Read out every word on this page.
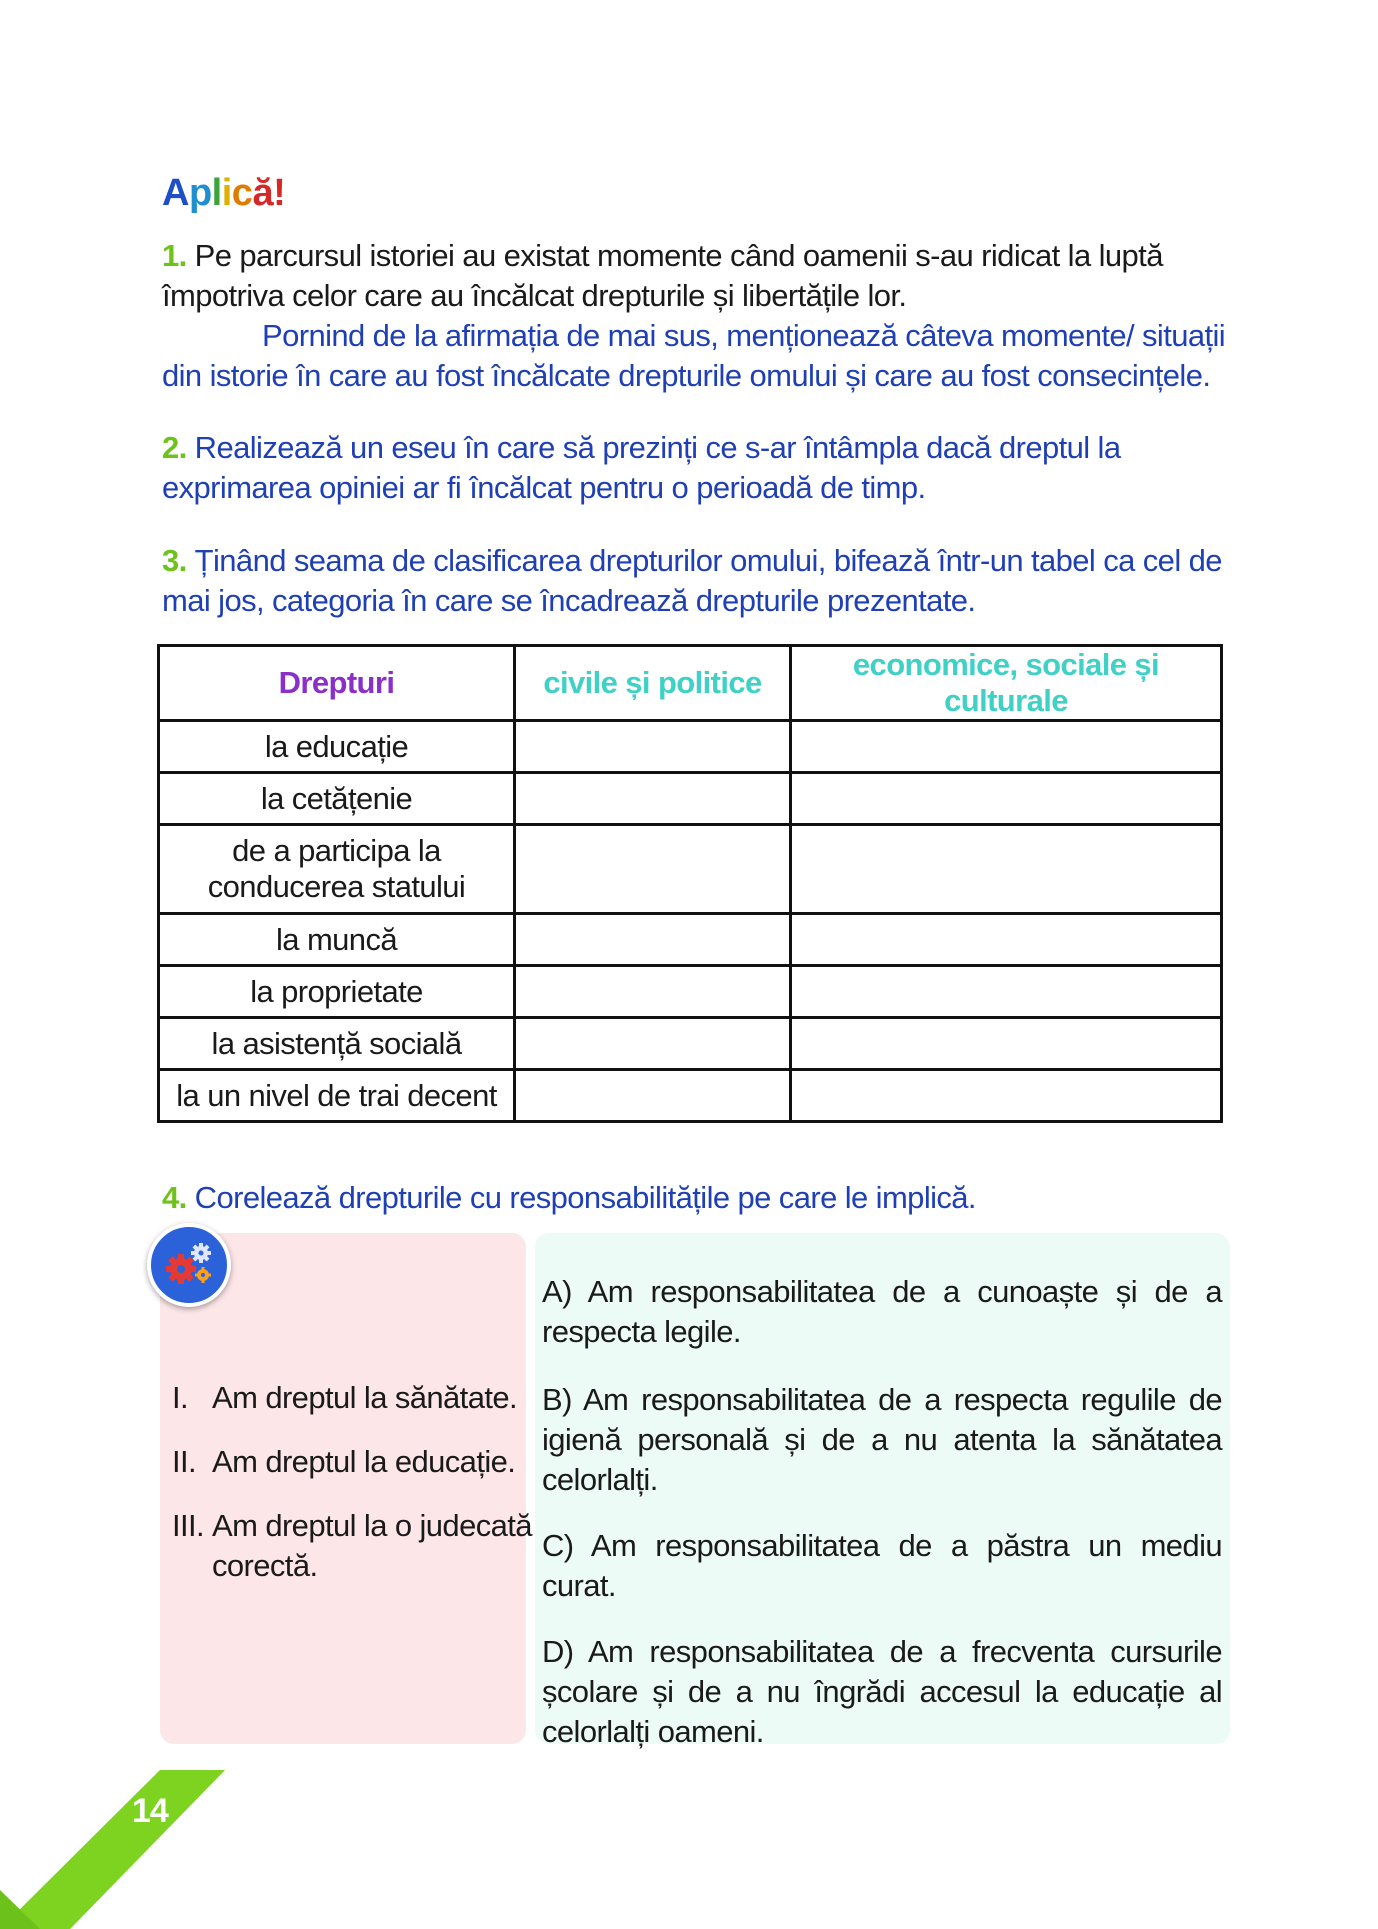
Aplică!
1. Pe parcursul istoriei au existat momente când oamenii s-au ridicat la luptă împotriva celor care au încălcat drepturile și libertățile lor.
Pornind de la afirmația de mai sus, menționează câteva momente/ situații din istorie în care au fost încălcate drepturile omului și care au fost consecințele.
2. Realizează un eseu în care să prezinți ce s-ar întâmpla dacă dreptul la exprimarea opiniei ar fi încălcat pentru o perioadă de timp.
3. Ținând seama de clasificarea drepturilor omului, bifează într-un tabel ca cel de mai jos, categoria în care se încadrează drepturile prezentate.
Drepturi	civile și politice	economice, sociale și culturale
la educație		
la cetățenie		
de a participa la conducerea statului		
la muncă		
la proprietate		
la asistență socială		
la un nivel de trai decent		
4. Corelează drepturile cu responsabilitățile pe care le implică.
I. Am dreptul la sănătate.
II. Am dreptul la educație.
III. Am dreptul la o judecată corectă.
A) Am responsabilitatea de a cunoaște și de a respecta legile.
B) Am responsabilitatea de a respecta regulile de igienă personală și de a nu atenta la sănătatea celorlalți.
C) Am responsabilitatea de a păstra un mediu curat.
D) Am responsabilitatea de a frecventa cursurile școlare și de a nu îngrădi accesul la educație al celorlalți oameni.
14
